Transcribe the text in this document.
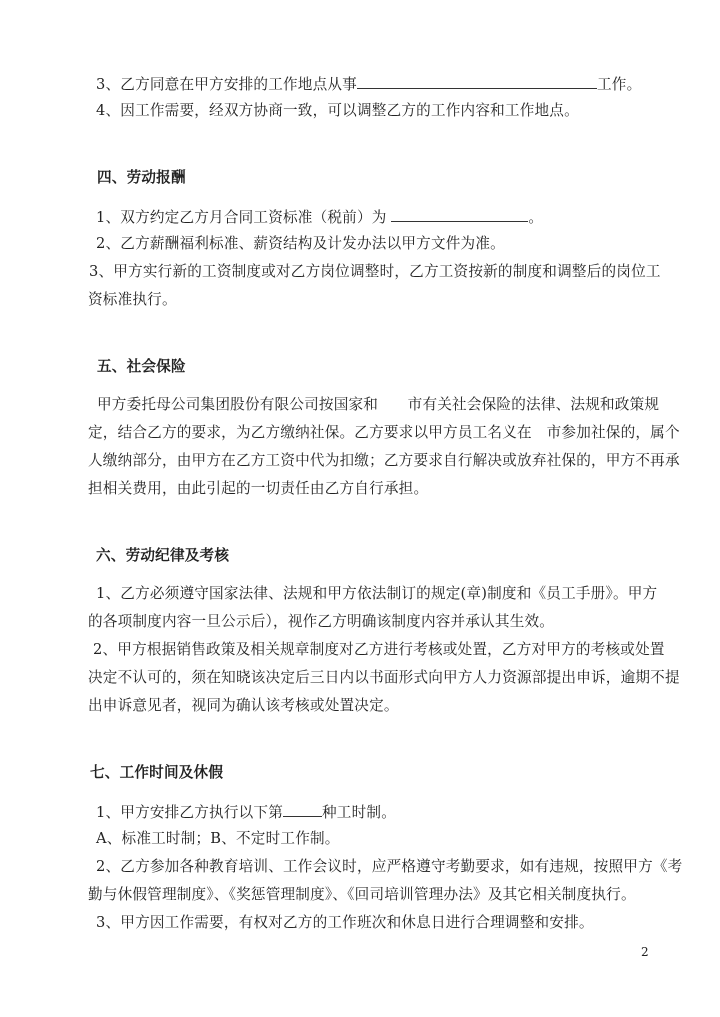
3、乙方同意在甲方安排的工作地点从事	工作。
4、因工作需要，经双方协商一致，可以调整乙方的工作内容和工作地点。
四、劳动报酬
1、双方约定乙方月合同工资标准（税前）为	。
2、乙方薪酬福利标准、薪资结构及计发办法以甲方文件为准。
3、甲方实行新的工资制度或对乙方岗位调整时，乙方工资按新的制度和调整后的岗位工
资标准执行。
五、社会保险
甲方委托母公司集团股份有限公司按国家和　　市有关社会保险的法律、法规和政策规
定，结合乙方的要求，为乙方缴纳社保。乙方要求以甲方员工名义在　市参加社保的，属个
人缴纳部分，由甲方在乙方工资中代为扣缴；乙方要求自行解决或放弃社保的，甲方不再承
担相关费用，由此引起的一切责任由乙方自行承担。
六、劳动纪律及考核
1、乙方必须遵守国家法律、法规和甲方依法制订的规定(章)制度和《员工手册》。甲方
的各项制度内容一旦公示后），视作乙方明确该制度内容并承认其生效。
2、甲方根据销售政策及相关规章制度对乙方进行考核或处置，乙方对甲方的考核或处置
决定不认可的，须在知晓该决定后三日内以书面形式向甲方人力资源部提出申诉，逾期不提
出申诉意见者，视同为确认该考核或处置决定。
七、工作时间及休假
1、甲方安排乙方执行以下第	种工时制。
A、标准工时制；B、不定时工作制。
2、乙方参加各种教育培训、工作会议时，应严格遵守考勤要求，如有违规，按照甲方《考
勤与休假管理制度》、《奖惩管理制度》、《回司培训管理办法》及其它相关制度执行。
3、甲方因工作需要，有权对乙方的工作班次和休息日进行合理调整和安排。
2
